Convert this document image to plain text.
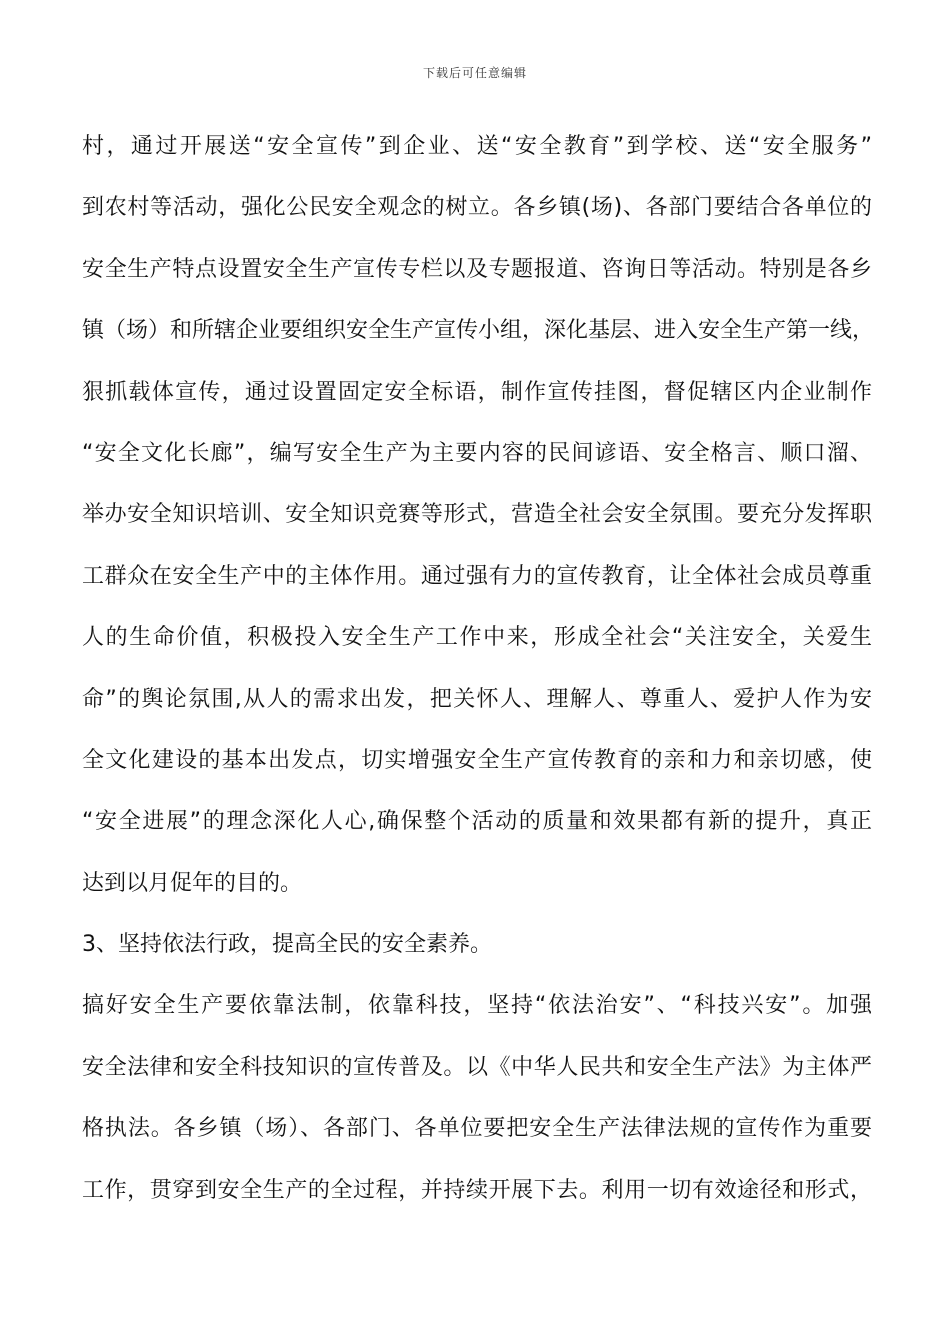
下载后可任意编辑
村，通过开展送“安全宣传”到企业、送“安全教育”到学校、送“安全服务”
到农村等活动，强化公民安全观念的树立。各乡镇(场)、各部门要结合各单位的
安全生产特点设置安全生产宣传专栏以及专题报道、咨询日等活动。特别是各乡
镇（场）和所辖企业要组织安全生产宣传小组，深化基层、进入安全生产第一线，
狠抓载体宣传，通过设置固定安全标语，制作宣传挂图，督促辖区内企业制作
“安全文化长廊”，编写安全生产为主要内容的民间谚语、安全格言、顺口溜、
举办安全知识培训、安全知识竞赛等形式，营造全社会安全氛围。要充分发挥职
工群众在安全生产中的主体作用。通过强有力的宣传教育，让全体社会成员尊重
人的生命价值，积极投入安全生产工作中来，形成全社会“关注安全，关爱生
命”的舆论氛围,从人的需求出发，把关怀人、理解人、尊重人、爱护人作为安
全文化建设的基本出发点，切实增强安全生产宣传教育的亲和力和亲切感，使
“安全进展”的理念深化人心,确保整个活动的质量和效果都有新的提升，真正
达到以月促年的目的。
3、坚持依法行政，提高全民的安全素养。
搞好安全生产要依靠法制，依靠科技，坚持“依法治安”、“科技兴安”。加强
安全法律和安全科技知识的宣传普及。以《中华人民共和安全生产法》为主体严
格执法。各乡镇（场）、各部门、各单位要把安全生产法律法规的宣传作为重要
工作，贯穿到安全生产的全过程，并持续开展下去。利用一切有效途径和形式，
